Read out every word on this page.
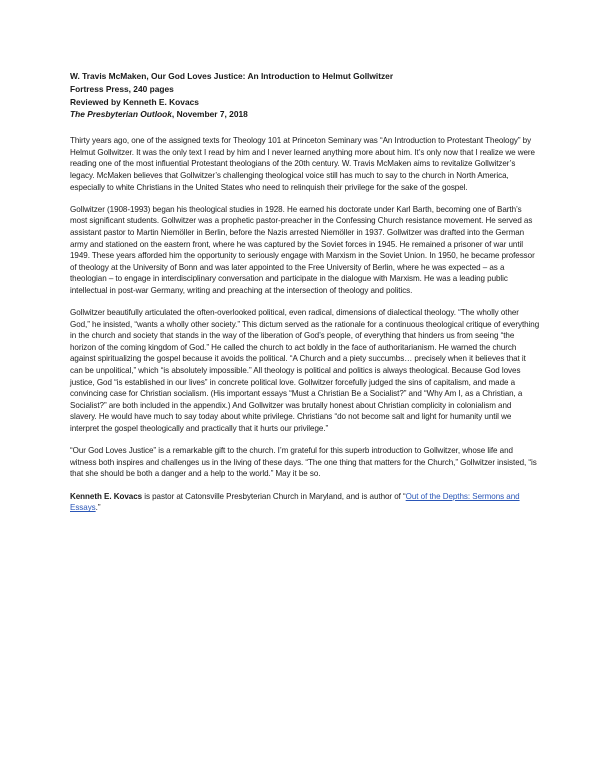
W. Travis McMaken, Our God Loves Justice: An Introduction to Helmut Gollwitzer

Fortress Press, 240 pages

Reviewed by Kenneth E. Kovacs

The Presbyterian Outlook, November 7, 2018

Thirty years ago, one of the assigned texts for Theology 101 at Princeton Seminary was “An Introduction to Protestant Theology” by Helmut Gollwitzer. It was the only text I read by him and I never learned anything more about him. It’s only now that I realize we were reading one of the most influential Protestant theologians of the 20th century. W. Travis McMaken aims to revitalize Gollwitzer’s legacy. McMaken believes that Gollwitzer’s challenging theological voice still has much to say to the church in North America, especially to white Christians in the United States who need to relinquish their privilege for the sake of the gospel.

Gollwitzer (1908-1993) began his theological studies in 1928. He earned his doctorate under Karl Barth, becoming one of Barth’s most significant students. Gollwitzer was a prophetic pastor-preacher in the Confessing Church resistance movement. He served as assistant pastor to Martin Niemöller in Berlin, before the Nazis arrested Niemöller in 1937. Gollwitzer was drafted into the German army and stationed on the eastern front, where he was captured by the Soviet forces in 1945. He remained a prisoner of war until 1949. These years afforded him the opportunity to seriously engage with Marxism in the Soviet Union. In 1950, he became professor of theology at the University of Bonn and was later appointed to the Free University of Berlin, where he was expected – as a theologian – to engage in interdisciplinary conversation and participate in the dialogue with Marxism. He was a leading public intellectual in post-war Germany, writing and preaching at the intersection of theology and politics.

Gollwitzer beautifully articulated the often-overlooked political, even radical, dimensions of dialectical theology. “The wholly other God,” he insisted, “wants a wholly other society.” This dictum served as the rationale for a continuous theological critique of everything in the church and society that stands in the way of the liberation of God’s people, of everything that hinders us from seeing “the horizon of the coming kingdom of God.” He called the church to act boldly in the face of authoritarianism. He warned the church against spiritualizing the gospel because it avoids the political. “A Church and a piety succumbs… precisely when it believes that it can be unpolitical,” which “is absolutely impossible.” All theology is political and politics is always theological. Because God loves justice, God “is established in our lives” in concrete political love. Gollwitzer forcefully judged the sins of capitalism, and made a convincing case for Christian socialism. (His important essays “Must a Christian Be a Socialist?” and “Why Am I, as a Christian, a Socialist?” are both included in the appendix.) And Gollwitzer was brutally honest about Christian complicity in colonialism and slavery. He would have much to say today about white privilege. Christians “do not become salt and light for humanity until we interpret the gospel theologically and practically that it hurts our privilege.”

“Our God Loves Justice” is a remarkable gift to the church. I’m grateful for this superb introduction to Gollwitzer, whose life and witness both inspires and challenges us in the living of these days. “The one thing that matters for the Church,” Gollwitzer insisted, “is that she should be both a danger and a help to the world.” May it be so.

Kenneth E. Kovacs is pastor at Catonsville Presbyterian Church in Maryland, and is author of “Out of the Depths: Sermons and Essays.”
